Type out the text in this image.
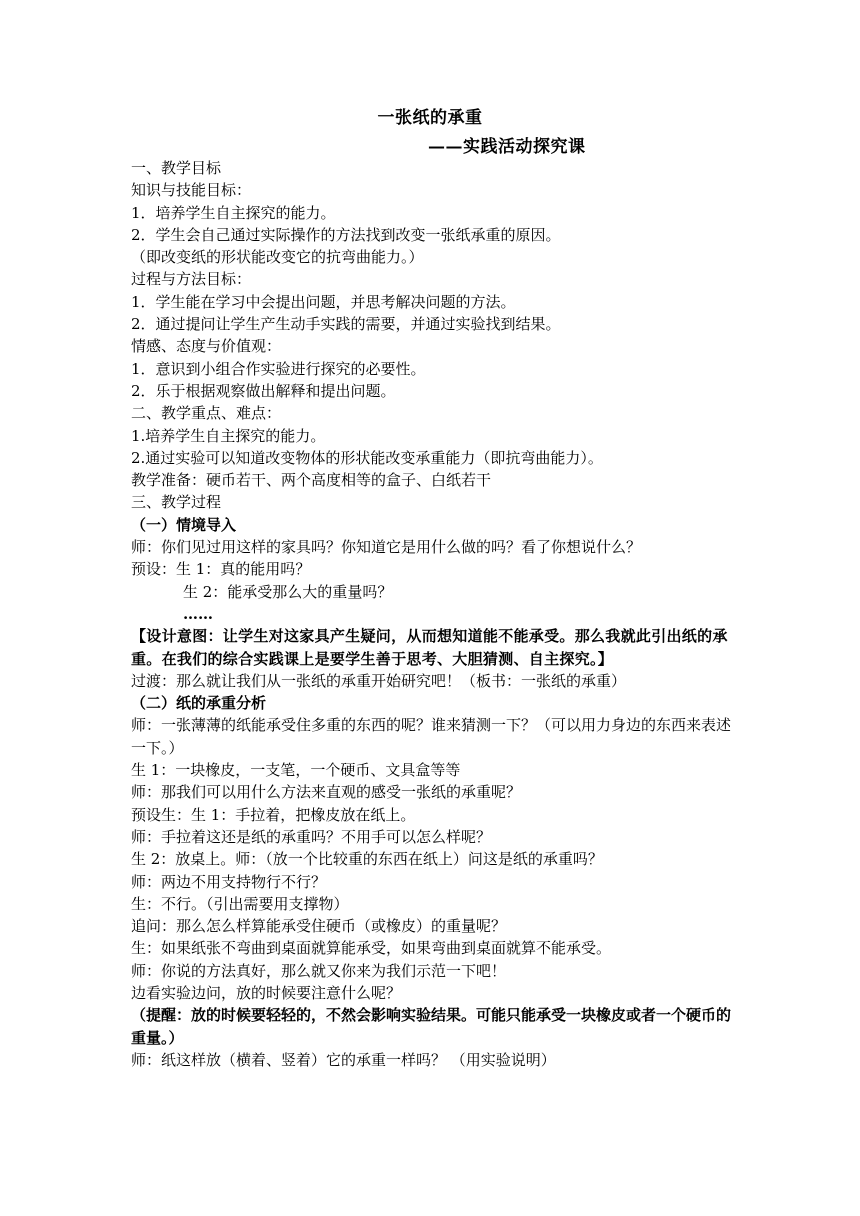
一张纸的承重
——实践活动探究课

一、教学目标

知识与技能目标：

1．培养学生自主探究的能力。

2．学生会自己通过实际操作的方法找到改变一张纸承重的原因。

（即改变纸的形状能改变它的抗弯曲能力。）

过程与方法目标：

1．学生能在学习中会提出问题，并思考解决问题的方法。

2．通过提问让学生产生动手实践的需要，并通过实验找到结果。

情感、态度与价值观：

1．意识到小组合作实验进行探究的必要性。

2．乐于根据观察做出解释和提出问题。

二、教学重点、难点：

1.培养学生自主探究的能力。

2.通过实验可以知道改变物体的形状能改变承重能力（即抗弯曲能力）。

教学准备：硬币若干、两个高度相等的盒子、白纸若干

三、教学过程

（一）情境导入

师：你们见过用这样的家具吗？你知道它是用什么做的吗？看了你想说什么？

预设：生 1：真的能用吗？

生 2：能承受那么大的重量吗？

……

【设计意图：让学生对这家具产生疑问，从而想知道能不能承受。那么我就此引出纸的承重。在我们的综合实践课上是要学生善于思考、大胆猜测、自主探究。】

过渡：那么就让我们从一张纸的承重开始研究吧！（板书：一张纸的承重）

（二）纸的承重分析

师：一张薄薄的纸能承受住多重的东西的呢？谁来猜测一下？（可以用力身边的东西来表述一下。）

生 1：一块橡皮，一支笔，一个硬币、文具盒等等

师：那我们可以用什么方法来直观的感受一张纸的承重呢？

预设生：生 1：手拉着，把橡皮放在纸上。

师：手拉着这还是纸的承重吗？不用手可以怎么样呢？

生 2：放桌上。师：（放一个比较重的东西在纸上）问这是纸的承重吗？

师：两边不用支持物行不行？

生：不行。（引出需要用支撑物）

追问：那么怎么样算能承受住硬币（或橡皮）的重量呢？

生：如果纸张不弯曲到桌面就算能承受，如果弯曲到桌面就算不能承受。

师：你说的方法真好，那么就又你来为我们示范一下吧！

边看实验边问，放的时候要注意什么呢？

（提醒：放的时候要轻轻的，不然会影响实验结果。可能只能承受一块橡皮或者一个硬币的重量。）

师：纸这样放（横着、竖着）它的承重一样吗？ （用实验说明）
